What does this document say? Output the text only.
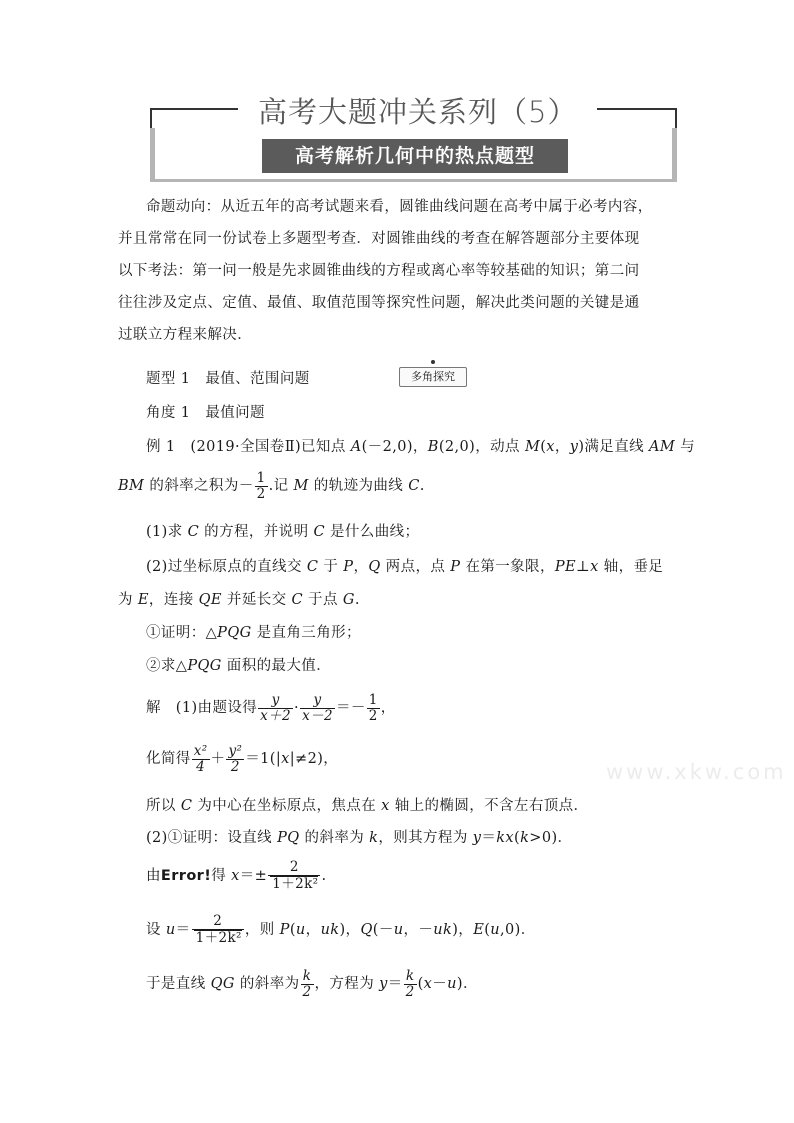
高考大题冲关系列（5）
高考解析几何中的热点题型
命题动向：从近五年的高考试题来看，圆锥曲线问题在高考中属于必考内容，
并且常常在同一份试卷上多题型考查．对圆锥曲线的考查在解答题部分主要体现
以下考法：第一问一般是先求圆锥曲线的方程或离心率等较基础的知识；第二问
往往涉及定点、定值、最值、取值范围等探究性问题，解决此类问题的关键是通
过联立方程来解决．
题型 1　最值、范围问题	多角探究
角度 1　最值问题
例 1　(2019·全国卷Ⅱ)已知点 A(－2,0)，B(2,0)，动点 M(x，y)满足直线 AM 与
BM 的斜率之积为－ $\frac{1}{2}$ .记 M 的轨迹为曲线 C.
(1)求 C 的方程，并说明 C 是什么曲线；
(2)过坐标原点的直线交 C 于 P，Q 两点，点 P 在第一象限，PE⊥x 轴，垂足
为 E，连接 QE 并延长交 C 于点 G.
①证明：△PQG 是直角三角形；
②求△PQG 面积的最大值．
解　(1)由题设得 $\frac{y}{x+2} \cdot \frac{y}{x-2} =- \frac{1}{2}$ ，
化简得 $\frac{\text{x²}}{4} + \frac{\text{y²}}{2} =1(|x|\ne 2)$，
所以 C 为中心在坐标原点，焦点在 x 轴上的椭圆，不含左右顶点．
(2)①证明：设直线 PQ 的斜率为 k，则其方程为 y＝kx(k>0)．
由Error!得 $x=\pm \frac{2}{\text{1＋2k²}}$ .
设 $u= \frac{2}{\text{1＋2k²}}$ ，则 P(u，uk)，Q(－u，－uk)，E(u,0)．
于是直线 QG 的斜率为 $\frac{k}{2}$ ，方程为 $y= \frac{k}{2} (x-u)$．
www.xkw.com
